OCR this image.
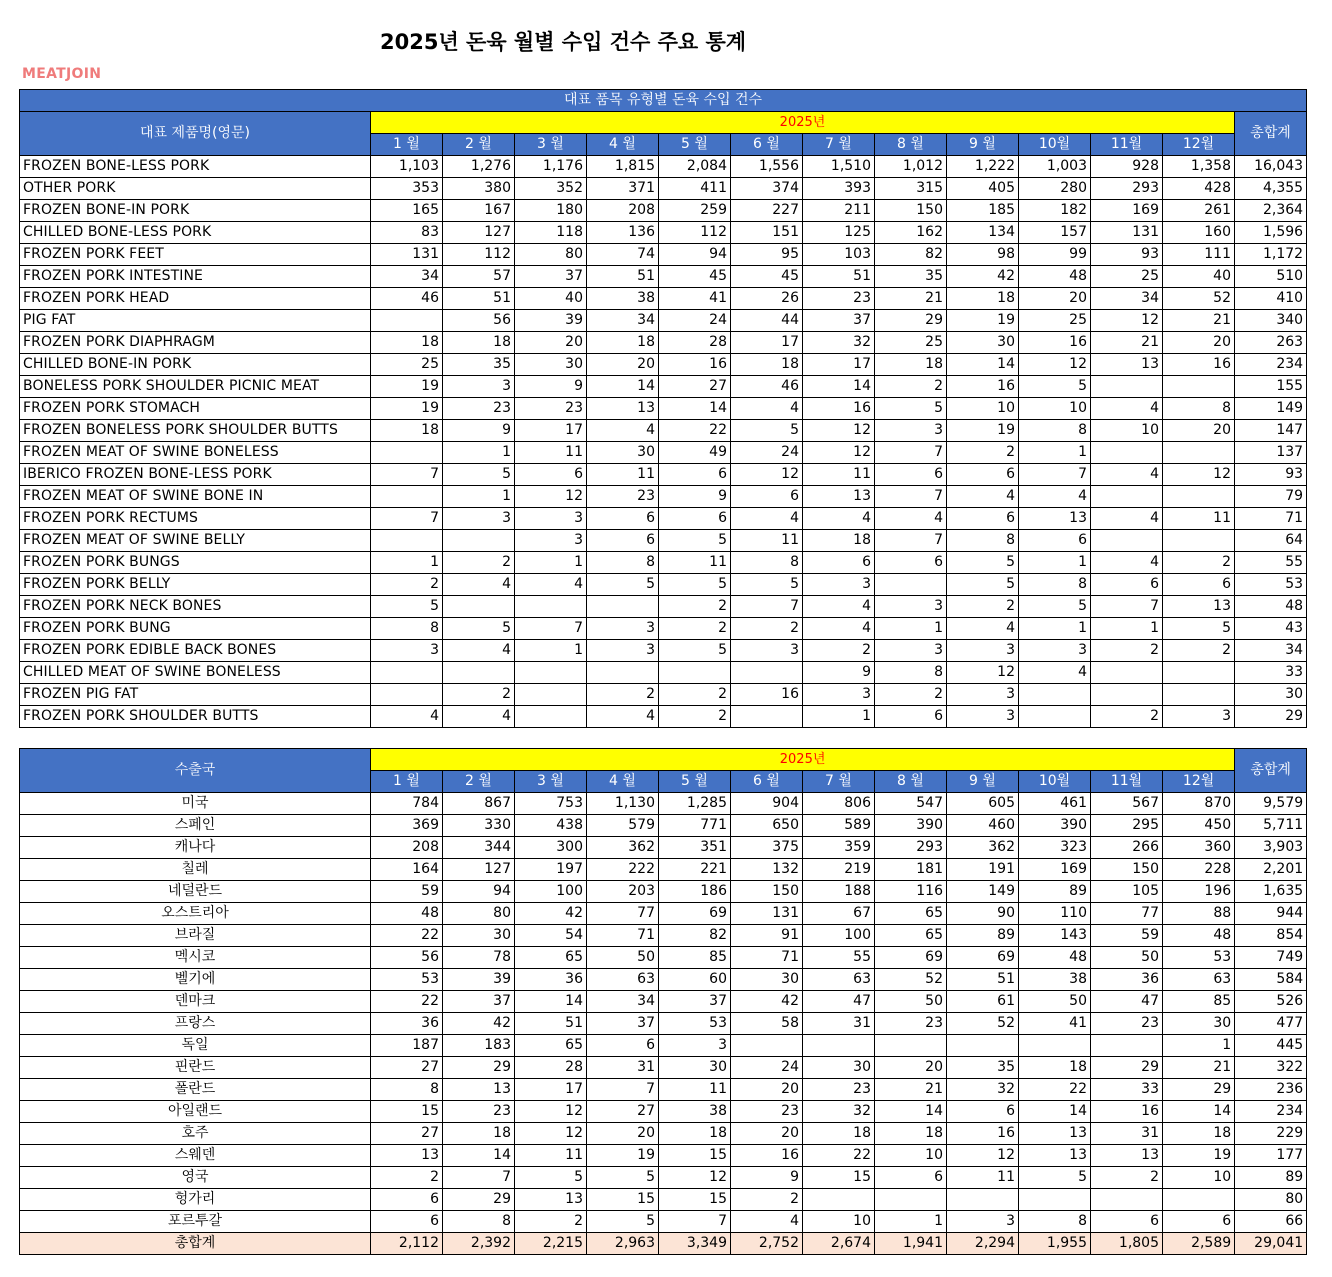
2025년 돈육 월별 수입 건수 주요 통계
MEATJOIN
대표 품목 유형별 돈육 수입 건수													
대표 제품명(영문)	2025년												총합계
	1 월	2 월	3 월	4 월	5 월	6 월	7 월	8 월	9 월	10월	11월	12월	
FROZEN BONE-LESS PORK	1,103	1,276	1,176	1,815	2,084	1,556	1,510	1,012	1,222	1,003	928	1,358	16,043
OTHER PORK	353	380	352	371	411	374	393	315	405	280	293	428	4,355
FROZEN BONE-IN PORK	165	167	180	208	259	227	211	150	185	182	169	261	2,364
CHILLED BONE-LESS PORK	83	127	118	136	112	151	125	162	134	157	131	160	1,596
FROZEN PORK FEET	131	112	80	74	94	95	103	82	98	99	93	111	1,172
FROZEN PORK INTESTINE	34	57	37	51	45	45	51	35	42	48	25	40	510
FROZEN PORK HEAD	46	51	40	38	41	26	23	21	18	20	34	52	410
PIG FAT		56	39	34	24	44	37	29	19	25	12	21	340
FROZEN PORK DIAPHRAGM	18	18	20	18	28	17	32	25	30	16	21	20	263
CHILLED BONE-IN PORK	25	35	30	20	16	18	17	18	14	12	13	16	234
BONELESS PORK SHOULDER PICNIC MEAT	19	3	9	14	27	46	14	2	16	5			155
FROZEN PORK STOMACH	19	23	23	13	14	4	16	5	10	10	4	8	149
FROZEN BONELESS PORK SHOULDER BUTTS	18	9	17	4	22	5	12	3	19	8	10	20	147
FROZEN MEAT OF SWINE BONELESS		1	11	30	49	24	12	7	2	1			137
IBERICO FROZEN BONE-LESS PORK	7	5	6	11	6	12	11	6	6	7	4	12	93
FROZEN MEAT OF SWINE BONE IN		1	12	23	9	6	13	7	4	4			79
FROZEN PORK RECTUMS	7	3	3	6	6	4	4	4	6	13	4	11	71
FROZEN MEAT OF SWINE BELLY			3	6	5	11	18	7	8	6			64
FROZEN PORK BUNGS	1	2	1	8	11	8	6	6	5	1	4	2	55
FROZEN PORK BELLY	2	4	4	5	5	5	3		5	8	6	6	53
FROZEN PORK NECK BONES	5				2	7	4	3	2	5	7	13	48
FROZEN PORK BUNG	8	5	7	3	2	2	4	1	4	1	1	5	43
FROZEN PORK EDIBLE BACK BONES	3	4	1	3	5	3	2	3	3	3	2	2	34
CHILLED MEAT OF SWINE BONELESS							9	8	12	4			33
FROZEN PIG FAT		2		2	2	16	3	2	3				30
FROZEN PORK SHOULDER BUTTS	4	4		4	2		1	6	3		2	3	29
수출국	2025년												총합계
	1 월	2 월	3 월	4 월	5 월	6 월	7 월	8 월	9 월	10월	11월	12월	
미국	784	867	753	1,130	1,285	904	806	547	605	461	567	870	9,579
스페인	369	330	438	579	771	650	589	390	460	390	295	450	5,711
캐나다	208	344	300	362	351	375	359	293	362	323	266	360	3,903
칠레	164	127	197	222	221	132	219	181	191	169	150	228	2,201
네덜란드	59	94	100	203	186	150	188	116	149	89	105	196	1,635
오스트리아	48	80	42	77	69	131	67	65	90	110	77	88	944
브라질	22	30	54	71	82	91	100	65	89	143	59	48	854
멕시코	56	78	65	50	85	71	55	69	69	48	50	53	749
벨기에	53	39	36	63	60	30	63	52	51	38	36	63	584
덴마크	22	37	14	34	37	42	47	50	61	50	47	85	526
프랑스	36	42	51	37	53	58	31	23	52	41	23	30	477
독일	187	183	65	6	3							1	445
핀란드	27	29	28	31	30	24	30	20	35	18	29	21	322
폴란드	8	13	17	7	11	20	23	21	32	22	33	29	236
아일랜드	15	23	12	27	38	23	32	14	6	14	16	14	234
호주	27	18	12	20	18	20	18	18	16	13	31	18	229
스웨덴	13	14	11	19	15	16	22	10	12	13	13	19	177
영국	2	7	5	5	12	9	15	6	11	5	2	10	89
헝가리	6	29	13	15	15	2							80
포르투갈	6	8	2	5	7	4	10	1	3	8	6	6	66
총합계	2,112	2,392	2,215	2,963	3,349	2,752	2,674	1,941	2,294	1,955	1,805	2,589	29,041
